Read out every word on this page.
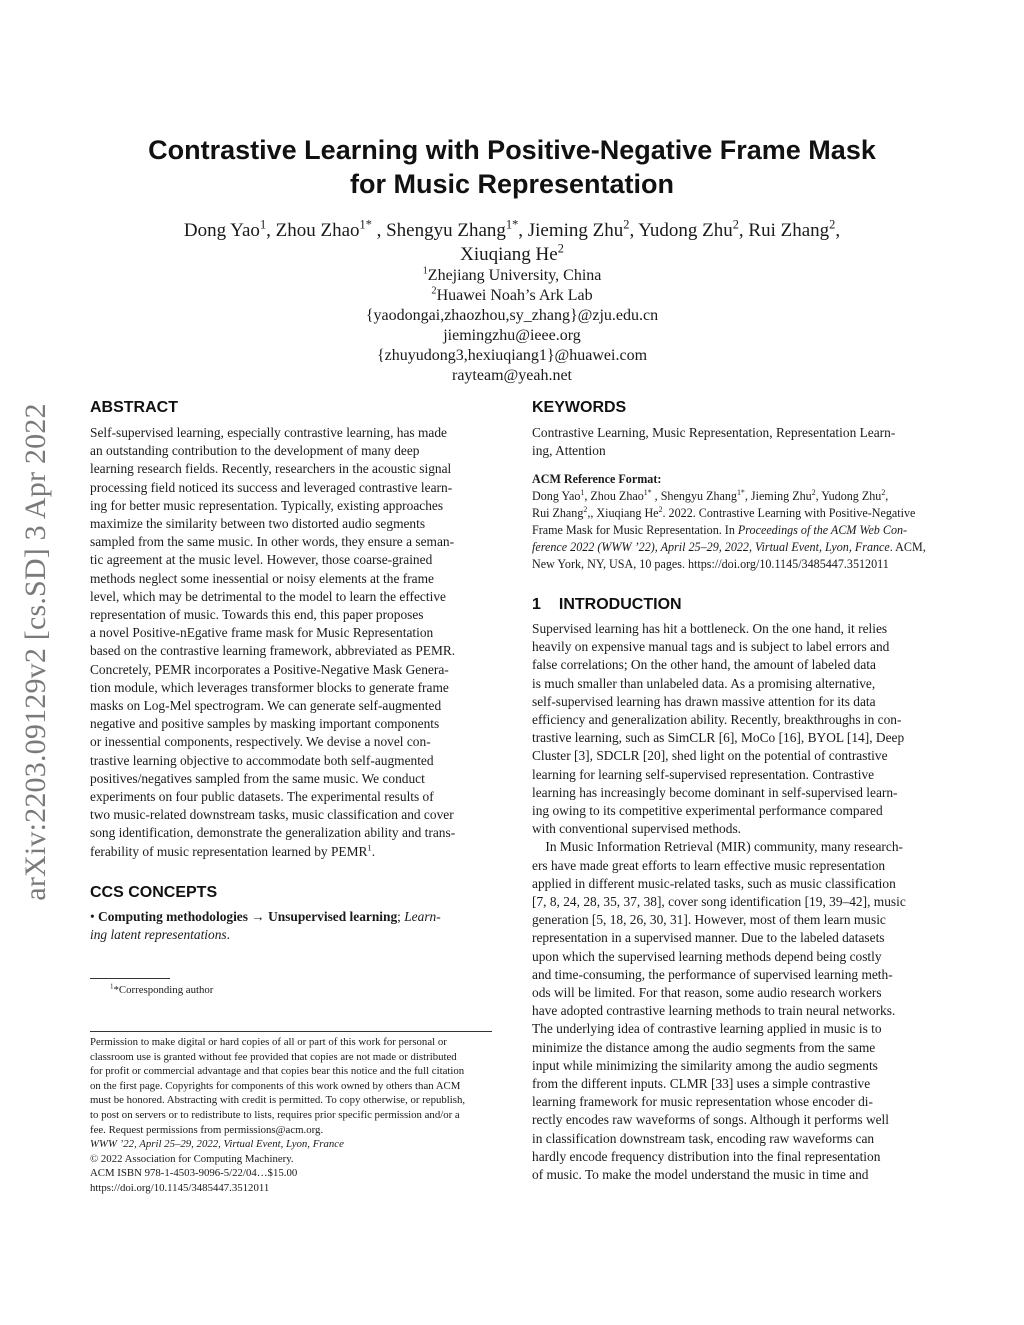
arXiv:2203.09129v2 [cs.SD] 3 Apr 2022
Contrastive Learning with Positive-Negative Frame Mask
for Music Representation
Dong Yao$^1$, Zhou Zhao$^{1*}$ , Shengyu Zhang$^{1*}$, Jieming Zhu$^2$, Yudong Zhu$^2$, Rui Zhang$^2$,
Xiuqiang He$^2$
$^1$Zhejiang University, China
$^2$Huawei Noah’s Ark Lab
{yaodongai,zhaozhou,sy_zhang}@zju.edu.cn
jiemingzhu@ieee.org
{zhuyudong3,hexiuqiang1}@huawei.com
rayteam@yeah.net
ABSTRACT
Self-supervised learning, especially contrastive learning, has made
an outstanding contribution to the development of many deep
learning research fields. Recently, researchers in the acoustic signal
processing field noticed its success and leveraged contrastive learn-
ing for better music representation. Typically, existing approaches
maximize the similarity between two distorted audio segments
sampled from the same music. In other words, they ensure a seman-
tic agreement at the music level. However, those coarse-grained
methods neglect some inessential or noisy elements at the frame
level, which may be detrimental to the model to learn the effective
representation of music. Towards this end, this paper proposes
a novel Positive-nEgative frame mask for Music Representation
based on the contrastive learning framework, abbreviated as PEMR.
Concretely, PEMR incorporates a Positive-Negative Mask Genera-
tion module, which leverages transformer blocks to generate frame
masks on Log-Mel spectrogram. We can generate self-augmented
negative and positive samples by masking important components
or inessential components, respectively. We devise a novel con-
trastive learning objective to accommodate both self-augmented
positives/negatives sampled from the same music. We conduct
experiments on four public datasets. The experimental results of
two music-related downstream tasks, music classification and cover
song identification, demonstrate the generalization ability and trans-
ferability of music representation learned by PEMR$^1$.
CCS CONCEPTS
• Computing methodologies → Unsupervised learning; Learn-
ing latent representations.
$^1$*Corresponding author
Permission to make digital or hard copies of all or part of this work for personal or
classroom use is granted without fee provided that copies are not made or distributed
for profit or commercial advantage and that copies bear this notice and the full citation
on the first page. Copyrights for components of this work owned by others than ACM
must be honored. Abstracting with credit is permitted. To copy otherwise, or republish,
to post on servers or to redistribute to lists, requires prior specific permission and/or a
fee. Request permissions from permissions@acm.org.
WWW ’22, April 25–29, 2022, Virtual Event, Lyon, France
© 2022 Association for Computing Machinery.
ACM ISBN 978-1-4503-9096-5/22/04…$15.00
https://doi.org/10.1145/3485447.3512011
KEYWORDS
Contrastive Learning, Music Representation, Representation Learn-
ing, Attention
ACM Reference Format:
Dong Yao$^1$, Zhou Zhao$^{1*}$ , Shengyu Zhang$^{1*}$, Jieming Zhu$^2$, Yudong Zhu$^2$,
Rui Zhang$^2$,, Xiuqiang He$^2$. 2022. Contrastive Learning with Positive-Negative
Frame Mask for Music Representation. In Proceedings of the ACM Web Con-
ference 2022 (WWW ’22), April 25–29, 2022, Virtual Event, Lyon, France. ACM,
New York, NY, USA, 10 pages. https://doi.org/10.1145/3485447.3512011
1 INTRODUCTION
Supervised learning has hit a bottleneck. On the one hand, it relies
heavily on expensive manual tags and is subject to label errors and
false correlations; On the other hand, the amount of labeled data
is much smaller than unlabeled data. As a promising alternative,
self-supervised learning has drawn massive attention for its data
efficiency and generalization ability. Recently, breakthroughs in con-
trastive learning, such as SimCLR [6], MoCo [16], BYOL [14], Deep
Cluster [3], SDCLR [20], shed light on the potential of contrastive
learning for learning self-supervised representation. Contrastive
learning has increasingly become dominant in self-supervised learn-
ing owing to its competitive experimental performance compared
with conventional supervised methods.
In Music Information Retrieval (MIR) community, many research-
ers have made great efforts to learn effective music representation
applied in different music-related tasks, such as music classification
[7, 8, 24, 28, 35, 37, 38], cover song identification [19, 39–42], music
generation [5, 18, 26, 30, 31]. However, most of them learn music
representation in a supervised manner. Due to the labeled datasets
upon which the supervised learning methods depend being costly
and time-consuming, the performance of supervised learning meth-
ods will be limited. For that reason, some audio research workers
have adopted contrastive learning methods to train neural networks.
The underlying idea of contrastive learning applied in music is to
minimize the distance among the audio segments from the same
input while minimizing the similarity among the audio segments
from the different inputs. CLMR [33] uses a simple contrastive
learning framework for music representation whose encoder di-
rectly encodes raw waveforms of songs. Although it performs well
in classification downstream task, encoding raw waveforms can
hardly encode frequency distribution into the final representation
of music. To make the model understand the music in time and
